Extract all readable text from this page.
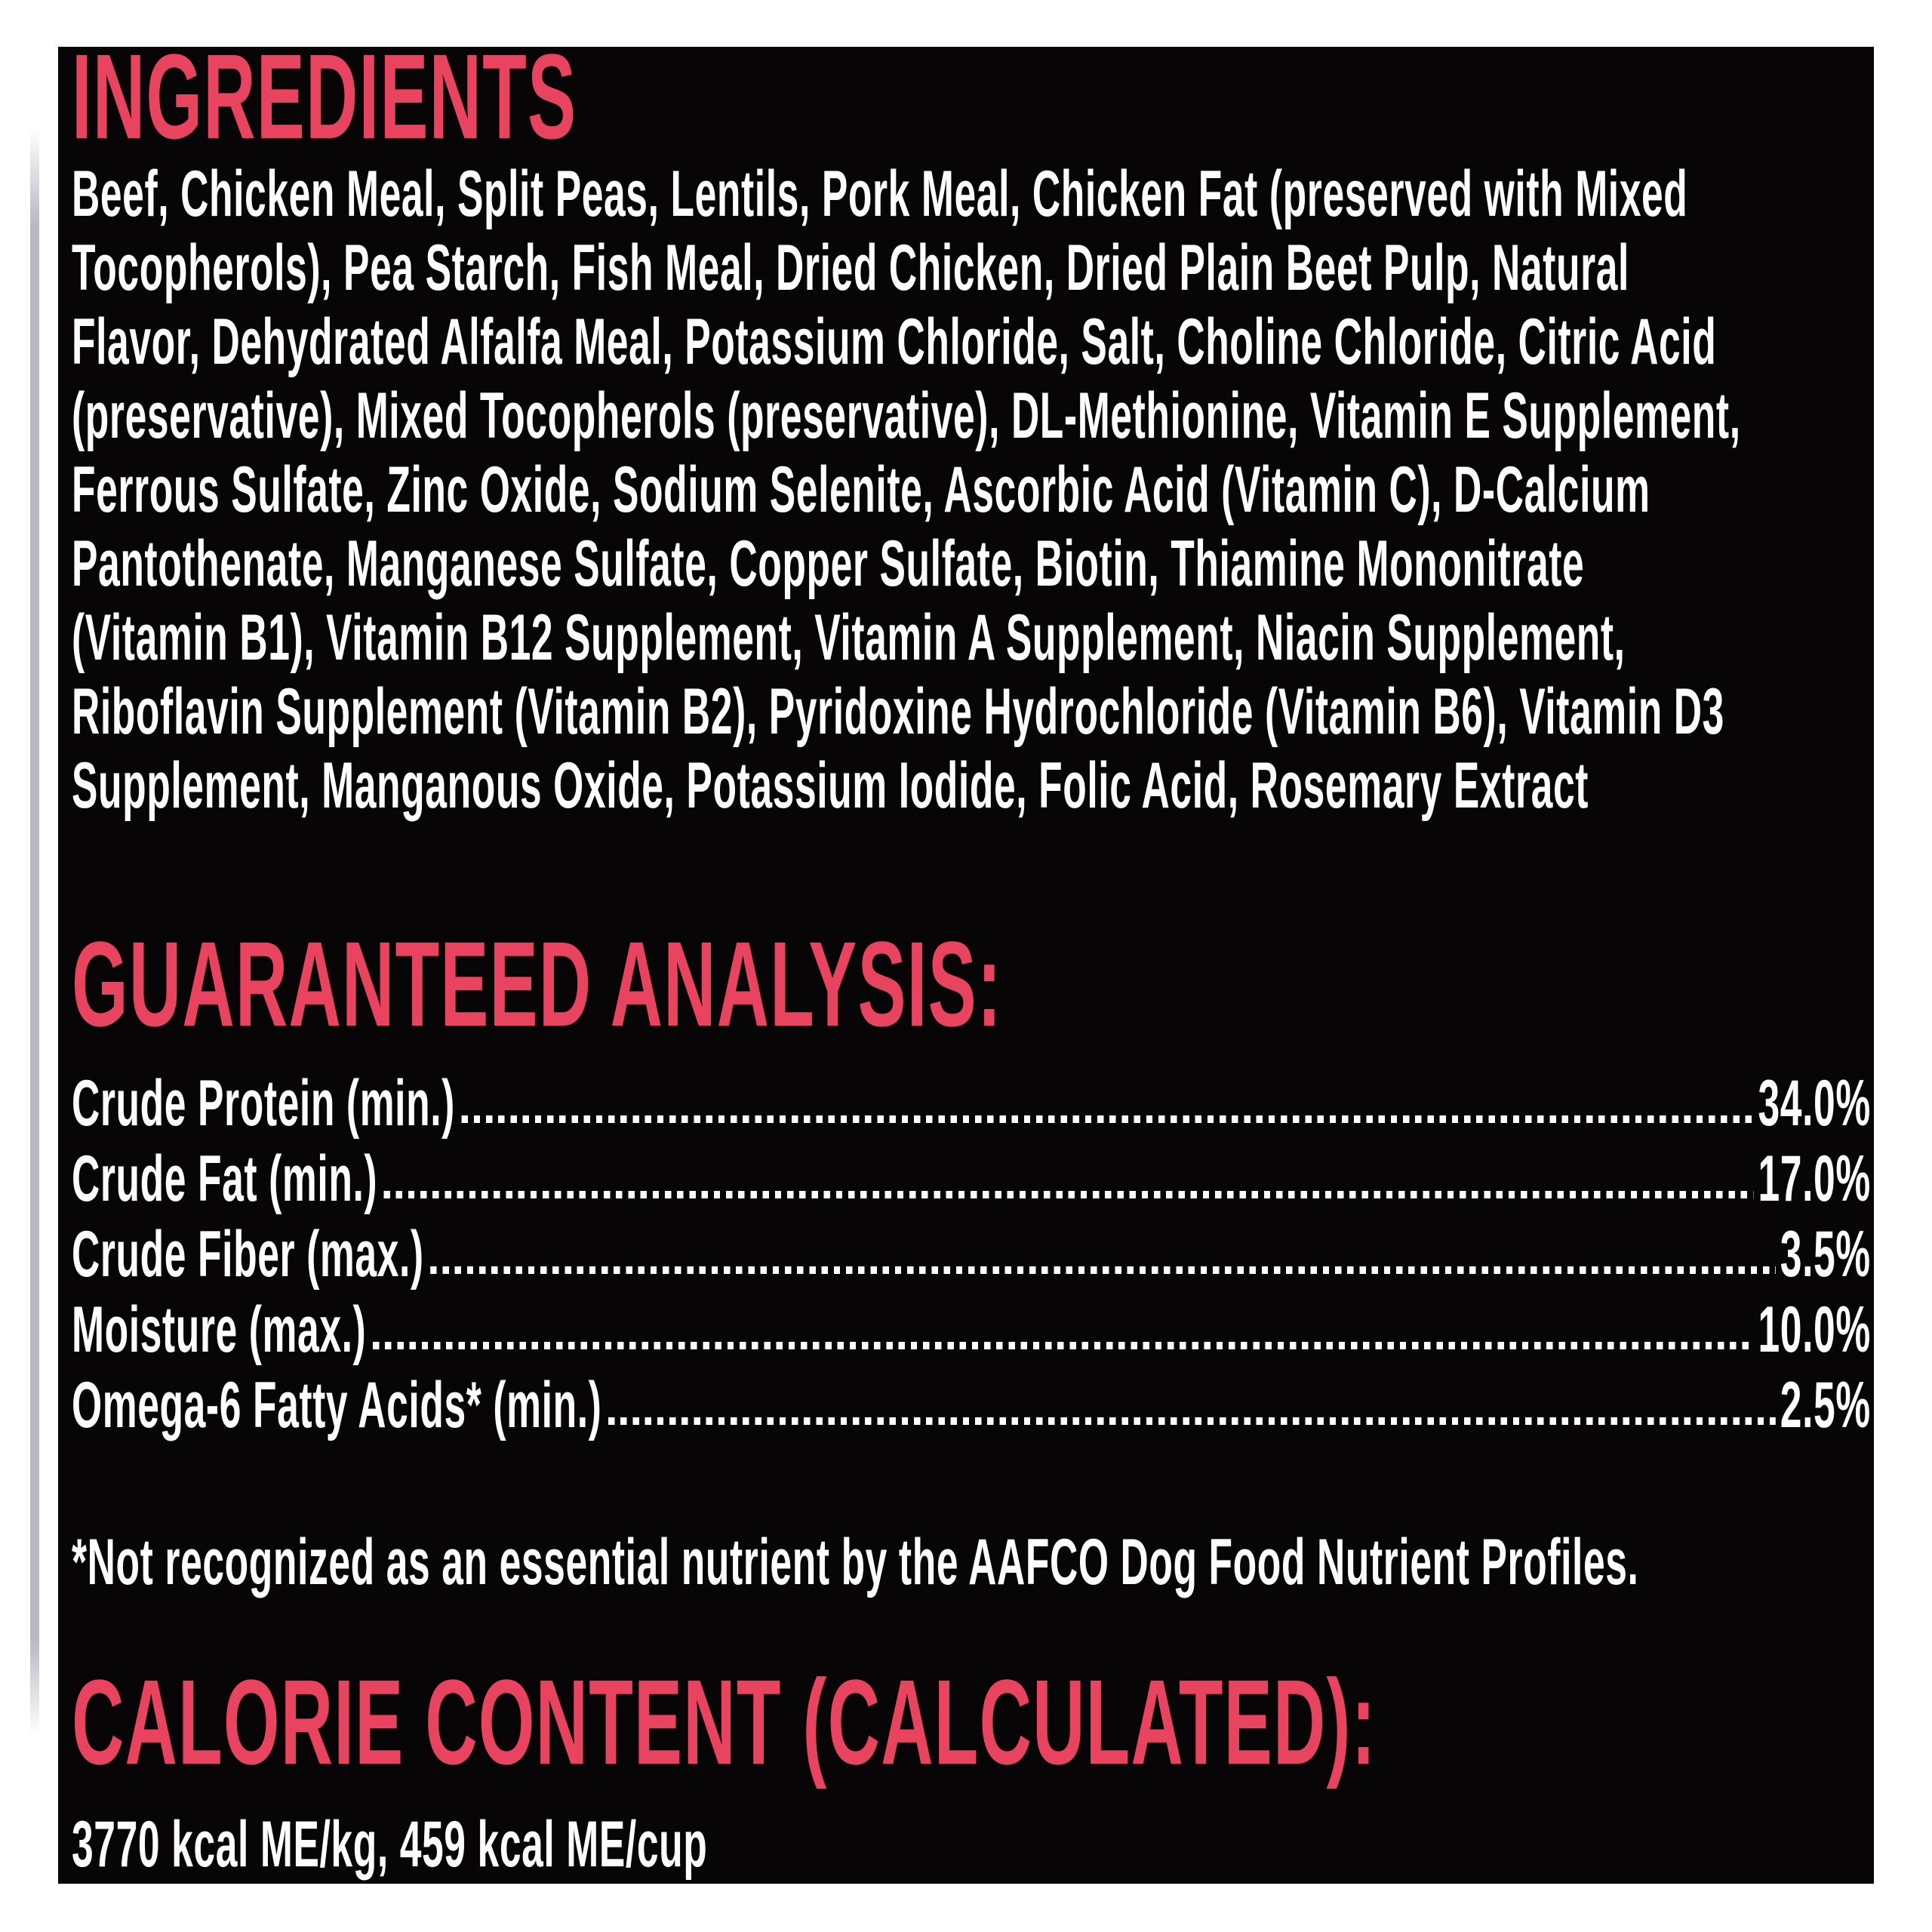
INGREDIENTS
Beef, Chicken Meal, Split Peas, Lentils, Pork Meal, Chicken Fat (preserved with Mixed
Tocopherols), Pea Starch, Fish Meal, Dried Chicken, Dried Plain Beet Pulp, Natural
Flavor, Dehydrated Alfalfa Meal, Potassium Chloride, Salt, Choline Chloride, Citric Acid
(preservative), Mixed Tocopherols (preservative), DL-Methionine, Vitamin E Supplement,
Ferrous Sulfate, Zinc Oxide, Sodium Selenite, Ascorbic Acid (Vitamin C), D-Calcium
Pantothenate, Manganese Sulfate, Copper Sulfate, Biotin, Thiamine Mononitrate
(Vitamin B1), Vitamin B12 Supplement, Vitamin A Supplement, Niacin Supplement,
Riboflavin Supplement (Vitamin B2), Pyridoxine Hydrochloride (Vitamin B6), Vitamin D3
Supplement, Manganous Oxide, Potassium Iodide, Folic Acid, Rosemary Extract
GUARANTEED ANALYSIS:
Crude Protein (min.)	34.0%
Crude Fat (min.)	17.0%
Crude Fiber (max.)	3.5%
Moisture (max.)	10.0%
Omega-6 Fatty Acids* (min.)	2.5%
*Not recognized as an essential nutrient by the AAFCO Dog Food Nutrient Profiles.
CALORIE CONTENT (CALCULATED):
3770 kcal ME/kg, 459 kcal ME/cup
